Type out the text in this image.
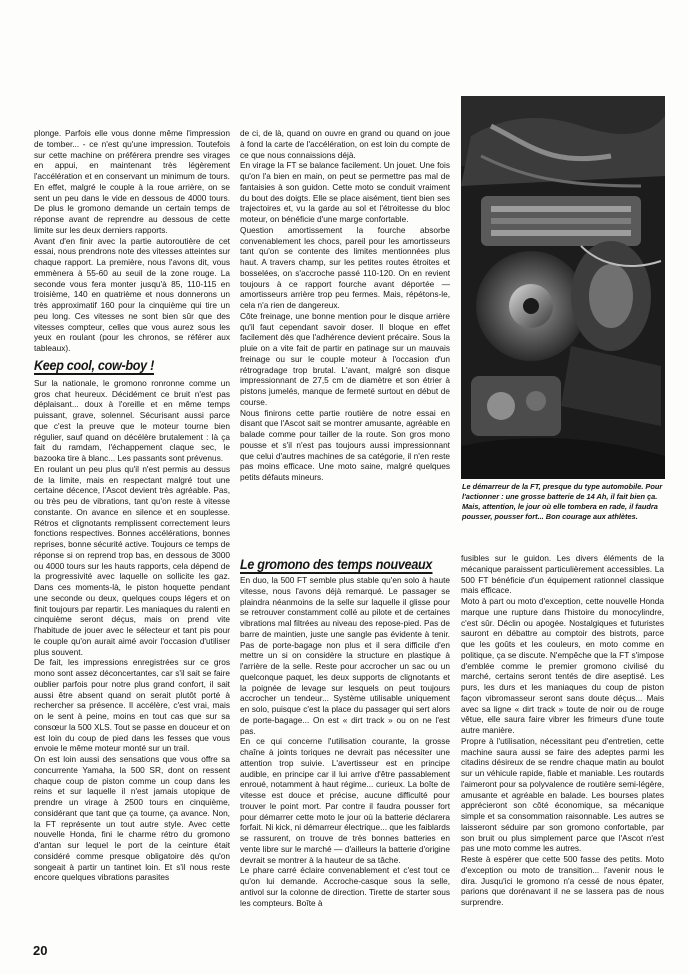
plonge. Parfois elle vous donne même l'impression de tomber... - ce n'est qu'une impression. Toutefois sur cette machine on préférera prendre ses virages en appui, en maintenant très légèrement l'accélération et en conservant un minimum de tours. En effet, malgré le couple à la roue arrière, on se sent un peu dans le vide en dessous de 4000 tours. De plus le gromono demande un certain temps de réponse avant de reprendre au dessous de cette limite sur les deux derniers rapports.

Avant d'en finir avec la partie autoroutière de cet essai, nous prendrons note des vitesses atteintes sur chaque rapport. La première, nous l'avons dit, vous emmènera à 55-60 au seuil de la zone rouge. La seconde vous fera monter jusqu'à 85, 110-115 en troisième, 140 en quatrième et nous donnerons un très approximatif 160 pour la cinquième qui tire un peu long. Ces vitesses ne sont bien sûr que des vitesses compteur, celles que vous aurez sous les yeux en roulant (pour les chronos, se référer aux tableaux).

Keep cool, cow-boy !

Sur la nationale, le gromono ronronne comme un gros chat heureux. Décidément ce bruit n'est pas déplaisant... doux à l'oreille et en même temps puissant, grave, solennel. Sécurisant aussi parce que c'est la preuve que le moteur tourne bien régulier, sauf quand on décélère brutalement : là ça fait du ramdam, l'échappement claque sec, le bazooka tire à blanc... Les passants sont prévenus.

En roulant un peu plus qu'il n'est permis au dessus de la limite, mais en respectant malgré tout une certaine décence, l'Ascot devient très agréable. Pas, ou très peu de vibrations, tant qu'on reste à vitesse constante. On avance en silence et en souplesse. Rétros et clignotants remplissent correctement leurs fonctions respectives. Bonnes accélérations, bonnes reprises, bonne sécurité active. Toujours ce temps de réponse si on reprend trop bas, en dessous de 3000 ou 4000 tours sur les hauts rapports, cela dépend de la progressivité avec laquelle on sollicite les gaz. Dans ces moments-là, le piston hoquette pendant une seconde ou deux, quelques coups légers et on finit toujours par repartir. Les maniaques du ralenti en cinquième seront déçus, mais on prend vite l'habitude de jouer avec le sélecteur et tant pis pour le couple qu'on aurait aimé avoir l'occasion d'utiliser plus souvent.

De fait, les impressions enregistrées sur ce gros mono sont assez déconcertantes, car s'il sait se faire oublier parfois pour notre plus grand confort, il sait aussi être absent quand on serait plutôt porté à rechercher sa présence. Il accélère, c'est vrai, mais on le sent à peine, moins en tout cas que sur sa consœur la 500 XLS. Tout se passe en douceur et on est loin du coup de pied dans les fesses que vous envoie le même moteur monté sur un trail.

On est loin aussi des sensations que vous offre sa concurrente Yamaha, la 500 SR, dont on ressent chaque coup de piston comme un coup dans les reins et sur laquelle il n'est jamais utopique de prendre un virage à 2500 tours en cinquième, considérant que tant que ça tourne, ça avance. Non, la FT représente un tout autre style. Avec cette nouvelle Honda, fini le charme rétro du gromono d'antan sur lequel le port de la ceinture était considéré comme presque obligatoire dès qu'on songeait à partir un tantinet loin. Et s'il nous reste encore quelques vibrations parasites

de ci, de là, quand on ouvre en grand ou quand on joue à fond la carte de l'accélération, on est loin du compte de ce que nous connaissions déjà.

En virage la FT se balance facilement. Un jouet. Une fois qu'on l'a bien en main, on peut se permettre pas mal de fantaisies à son guidon. Cette moto se conduit vraiment du bout des doigts. Elle se place aisément, tient bien ses trajectoires et, vu la garde au sol et l'étroitesse du bloc moteur, on bénéficie d'une marge confortable.

Question amortissement la fourche absorbe convenablement les chocs, pareil pour les amortisseurs tant qu'on se contente des limites mentionnées plus haut. A travers champ, sur les petites routes étroites et bosselées, on s'accroche passé 110-120. On en revient toujours à ce rapport fourche avant déportée — amortisseurs arrière trop peu fermes. Mais, répétons-le, cela n'a rien de dangereux.

Côte freinage, une bonne mention pour le disque arrière qu'il faut cependant savoir doser. Il bloque en effet facilement dès que l'adhérence devient précaire. Sous la pluie on a vite fait de partir en patinage sur un mauvais freinage ou sur le couple moteur à l'occasion d'un rétrogradage trop brutal. L'avant, malgré son disque impressionnant de 27,5 cm de diamètre et son étrier à pistons jumelés, manque de fermeté surtout en début de course.

Nous finirons cette partie routière de notre essai en disant que l'Ascot sait se montrer amusante, agréable en balade comme pour tailler de la route. Son gros mono pousse et s'il n'est pas toujours aussi impressionnant que celui d'autres machines de sa catégorie, il n'en reste pas moins efficace. Une moto saine, malgré quelques petits défauts mineurs.

Le gromono des temps nouveaux

En duo, la 500 FT semble plus stable qu'en solo à haute vitesse, nous l'avons déjà remarqué. Le passager se plaindra néanmoins de la selle sur laquelle il glisse pour se retrouver constamment collé au pilote et de certaines vibrations mal filtrées au niveau des repose-pied. Pas de barre de maintien, juste une sangle pas évidente à tenir. Pas de porte-bagage non plus et il sera difficile d'en mettre un si on considère la structure en plastique à l'arrière de la selle. Reste pour accrocher un sac ou un quelconque paquet, les deux supports de clignotants et la poignée de levage sur lesquels on peut toujours accrocher un tendeur... Système utilisable uniquement en solo, puisque c'est la place du passager qui sert alors de porte-bagage... On est « dirt track » ou on ne l'est pas.

En ce qui concerne l'utilisation courante, la grosse chaîne à joints toriques ne devrait pas nécessiter une attention trop suivie. L'avertisseur est en principe audible, en principe car il lui arrive d'être passablement enroué, notamment à haut régime... curieux. La boîte de vitesse est douce et précise, aucune difficulté pour trouver le point mort. Par contre il faudra pousser fort pour démarrer cette moto le jour où la batterie déclarera forfait. Ni kick, ni démarreur électrique... que les faiblards se rassurent, on trouve de très bonnes batteries en vente libre sur le marché — d'ailleurs la batterie d'origine devrait se montrer à la hauteur de sa tâche.

Le phare carré éclaire convenablement et c'est tout ce qu'on lui demande. Accroche-casque sous la selle, antivol sur la colonne de direction. Tirette de starter sous les compteurs. Boîte à

Le démarreur de la FT, presque du type automobile. Pour l'actionner : une grosse batterie de 14 Ah, il fait bien ça. Mais, attention, le jour où elle tombera en rade, il faudra pousser, pousser fort... Bon courage aux athlètes.

fusibles sur le guidon. Les divers éléments de la mécanique paraissent particulièrement accessibles. La 500 FT bénéficie d'un équipement rationnel classique mais efficace.

Moto à part ou moto d'exception, cette nouvelle Honda marque une rupture dans l'histoire du monocylindre, c'est sûr. Déclin ou apogée. Nostalgiques et futuristes sauront en débattre au comptoir des bistrots, parce que les goûts et les couleurs, en moto comme en politique, ça se discute. N'empêche que la FT s'impose d'emblée comme le premier gromono civilisé du marché, certains seront tentés de dire aseptisé. Les purs, les durs et les maniaques du coup de piston façon vibromasseur seront sans doute déçus... Mais avec sa ligne « dirt track » toute de noir ou de rouge vêtue, elle saura faire vibrer les frimeurs d'une toute autre manière.

Propre à l'utilisation, nécessitant peu d'entretien, cette machine saura aussi se faire des adeptes parmi les citadins désireux de se rendre chaque matin au boulot sur un véhicule rapide, fiable et maniable. Les routards l'aimeront pour sa polyvalence de routière semi-légère, amusante et agréable en balade. Les bourses plates apprécieront son côté économique, sa mécanique simple et sa consommation raisonnable. Les autres se laisseront séduire par son gromono confortable, par son bruit ou plus simplement parce que l'Ascot n'est pas une moto comme les autres.

Reste à espérer que cette 500 fasse des petits. Moto d'exception ou moto de transition... l'avenir nous le dira. Jusqu'ici le gromono n'a cessé de nous épater, parions que dorénavant il ne se lassera pas de nous surprendre.

20
